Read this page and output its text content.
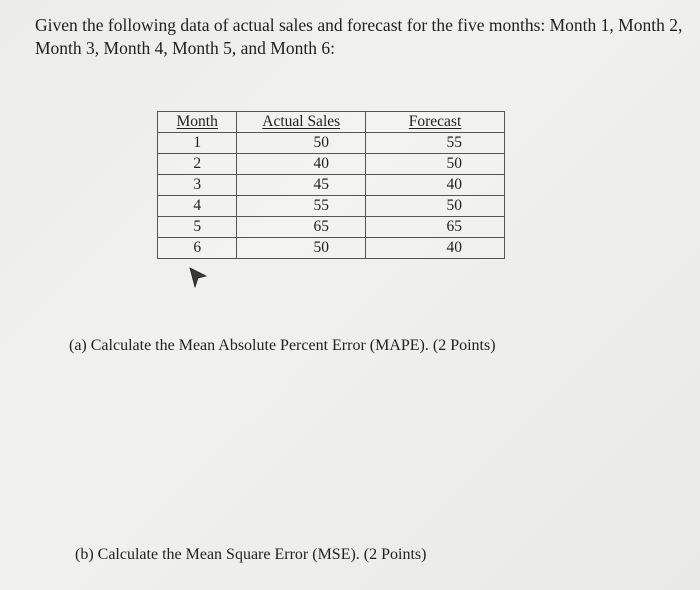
Given the following data of actual sales and forecast for the five months: Month 1, Month 2, Month 3, Month 4, Month 5, and Month 6:
Month	Actual Sales	Forecast
1	50	55
2	40	50
3	45	40
4	55	50
5	65	65
6	50	40
(a) Calculate the Mean Absolute Percent Error (MAPE). (2 Points)
(b) Calculate the Mean Square Error (MSE). (2 Points)
